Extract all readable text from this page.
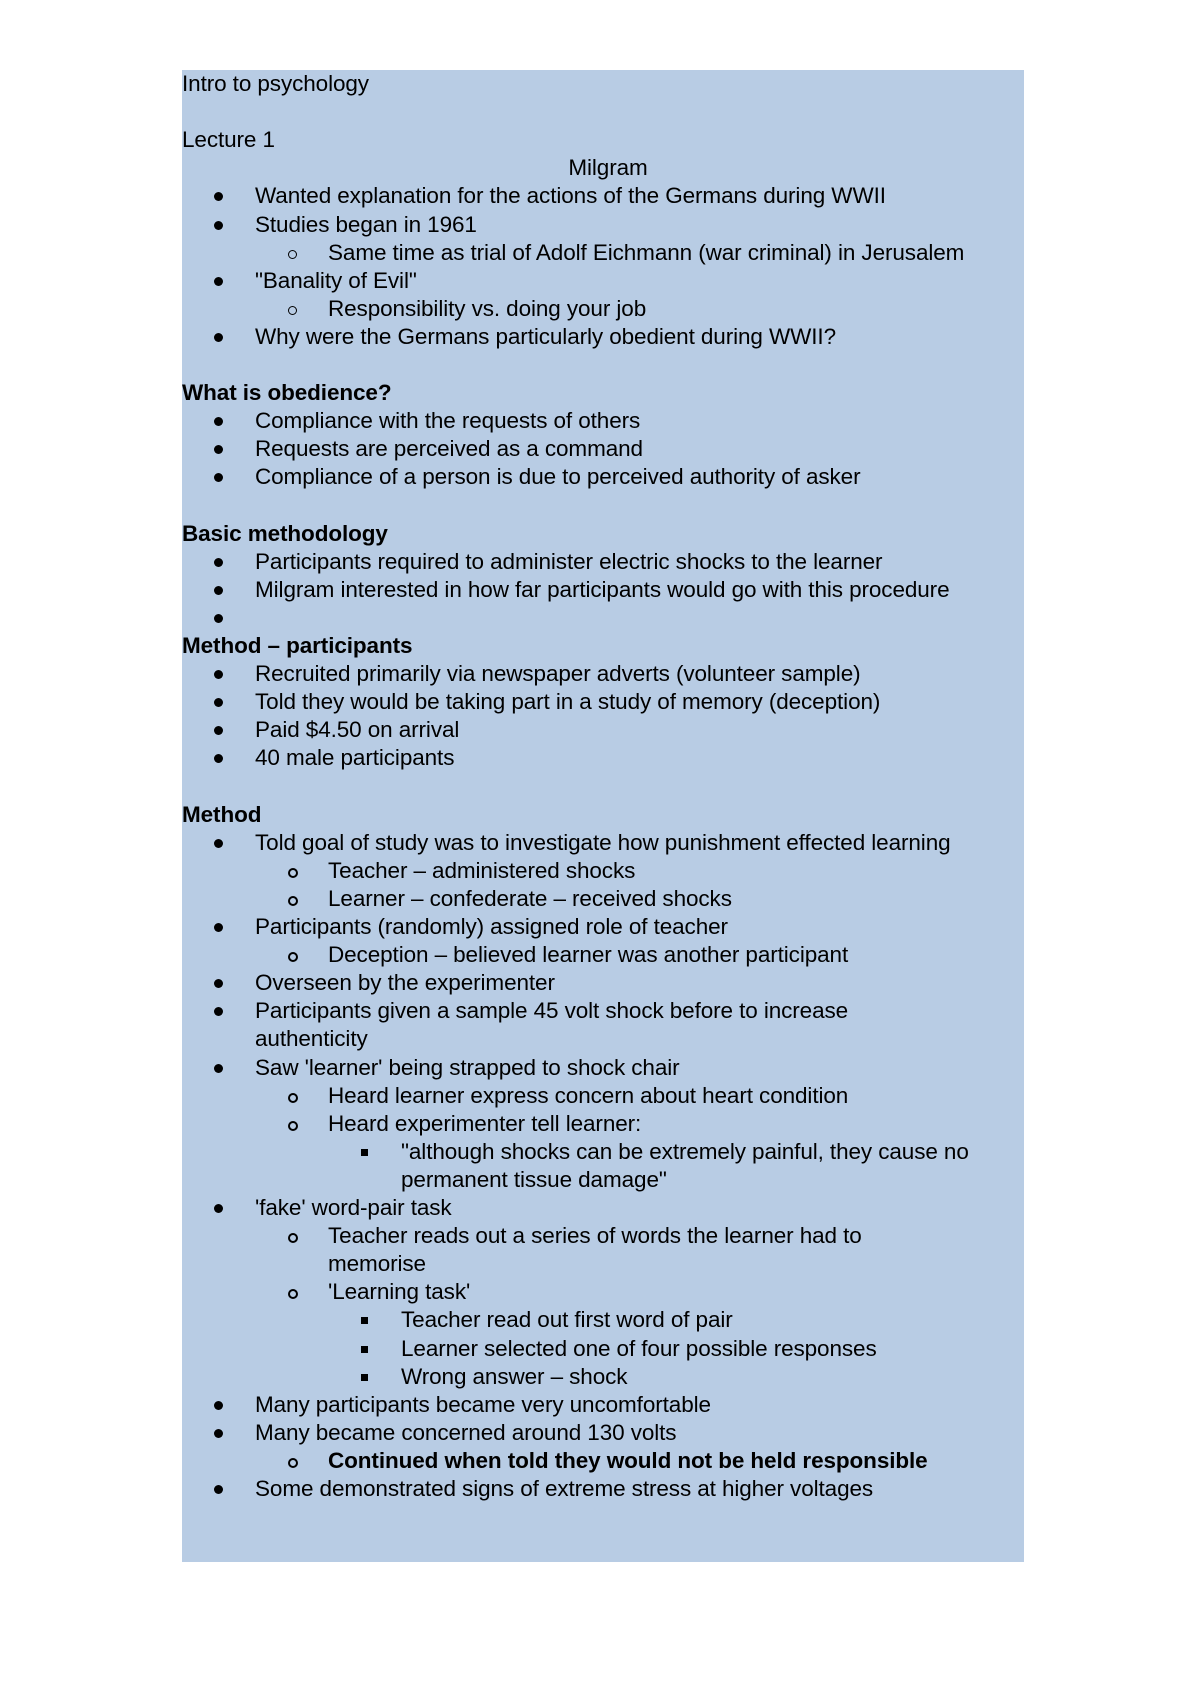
Intro to psychology
Lecture 1
Milgram
Wanted explanation for the actions of the Germans during WWII
Studies began in 1961
Same time as trial of Adolf Eichmann (war criminal) in Jerusalem
"Banality of Evil"
Responsibility vs. doing your job
Why were the Germans particularly obedient during WWII?
What is obedience?
Compliance with the requests of others
Requests are perceived as a command
Compliance of a person is due to perceived authority of asker
Basic methodology
Participants required to administer electric shocks to the learner
Milgram interested in how far participants would go with this procedure
Method – participants
Recruited primarily via newspaper adverts (volunteer sample)
Told they would be taking part in a study of memory (deception)
Paid $4.50 on arrival
40 male participants
Method
Told goal of study was to investigate how punishment effected learning
Teacher – administered shocks
Learner – confederate – received shocks
Participants (randomly) assigned role of teacher
Deception – believed learner was another participant
Overseen by the experimenter
Participants given a sample 45 volt shock before to increase
authenticity
Saw 'learner' being strapped to shock chair
Heard learner express concern about heart condition
Heard experimenter tell learner:
"although shocks can be extremely painful, they cause no
permanent tissue damage"
'fake' word-pair task
Teacher reads out a series of words the learner had to
memorise
'Learning task'
Teacher read out first word of pair
Learner selected one of four possible responses
Wrong answer – shock
Many participants became very uncomfortable
Many became concerned around 130 volts
Continued when told they would not be held responsible
Some demonstrated signs of extreme stress at higher voltages
